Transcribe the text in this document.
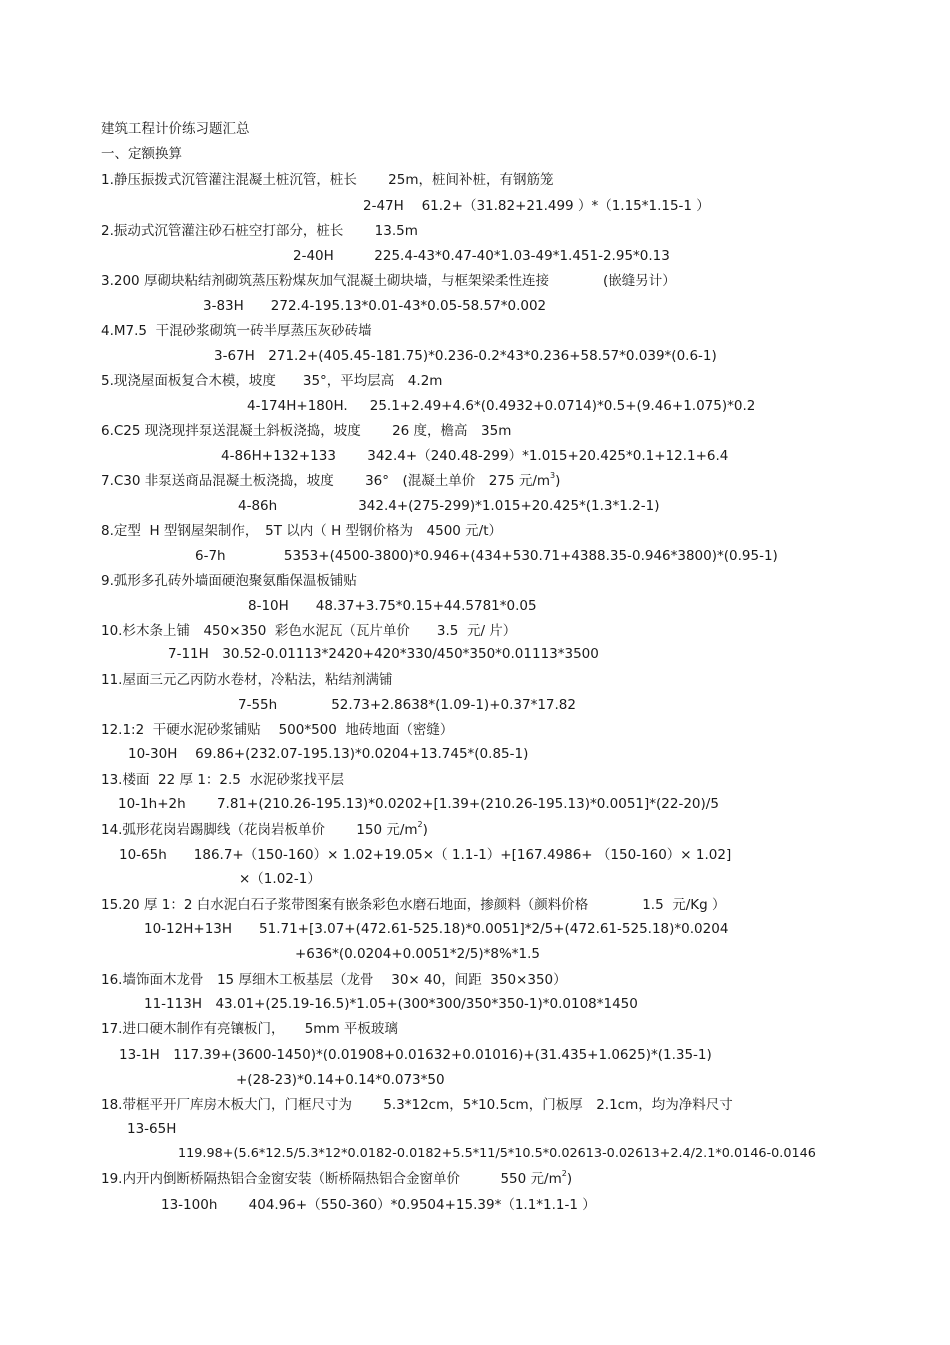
建筑工程计价练习题汇总
一、定额换算
1.静压振拨式沉管灌注混凝土桩沉管，桩长　　 25m，桩间补桩，有钢筋笼
2-47H　 61.2+（31.82+21.499 ）*（1.15*1.15-1 ）
2.振动式沉管灌注砂石桩空打部分，桩长　　 13.5m
2-40H　　　225.4-43*0.47-40*1.03-49*1.451-2.95*0.13
3.200 厚砌块粘结剂砌筑蒸压粉煤灰加气混凝土砌块墙，与框架梁柔性连接　　　　(嵌缝另计）
3-83H　　272.4-195.13*0.01-43*0.05-58.57*0.002
4.M7.5  干混砂浆砌筑一砖半厚蒸压灰砂砖墙
3-67H　271.2+(405.45-181.75)*0.236-0.2*43*0.236+58.57*0.039*(0.6-1)
5.现浇屋面板复合木模，坡度　　35°，平均层高　4.2m
4-174H+180H.　  25.1+2.49+4.6*(0.4932+0.0714)*0.5+(9.46+1.075)*0.2
6.C25 现浇现拌泵送混凝土斜板浇捣，坡度　　 26 度，檐高　35m
4-86H+132+133　　 342.4+（240.48-299）*1.015+20.425*0.1+12.1+6.4
7.C30 非泵送商品混凝土板浇捣，坡度　　 36°　(混凝土单价　275 元$/m^3$)
4-86h　　　　　　342.4+(275-299)*1.015+20.425*(1.3*1.2-1)
8.定型  H 型钢屋架制作，　5T 以内（ H 型钢价格为　4500 元/t）
6-7h　　　　 5353+(4500-3800)*0.946+(434+530.71+4388.35-0.946*3800)*(0.95-1)
9.弧形多孔砖外墙面硬泡聚氨酯保温板铺贴
8-10H　　48.37+3.75*0.15+44.5781*0.05
10.杉木条上铺　450×350  彩色水泥瓦（瓦片单价　　3.5  元/ 片）
7-11H　30.52-0.01113*2420+420*330/450*350*0.01113*3500
11.屋面三元乙丙防水卷材，冷粘法，粘结剂满铺
7-55h　　　　52.73+2.8638*(1.09-1)+0.37*17.82
12.1:2  干硬水泥砂浆铺贴　 500*500  地砖地面（密缝）
10-30H　 69.86+(232.07-195.13)*0.0204+13.745*(0.85-1)
13.楼面  22 厚 1：2.5  水泥砂浆找平层
10-1h+2h　　 7.81+(210.26-195.13)*0.0202+[1.39+(210.26-195.13)*0.0051]*(22-20)/5
14.弧形花岗岩踢脚线（花岗岩板单价　　 150 元$/m^2$)
10-65h　　186.7+（150-160）× 1.02+19.05×（ 1.1-1）+[167.4986+ （150-160）× 1.02]
×（1.02-1）
15.20 厚 1：2 白水泥白石子浆带图案有嵌条彩色水磨石地面，掺颜料（颜料价格　　　　1.5  元/Kg ）
10-12H+13H　　51.71+[3.07+(472.61-525.18)*0.0051]*2/5+(472.61-525.18)*0.0204
+636*(0.0204+0.0051*2/5)*8%*1.5
16.墙饰面木龙骨　15 厚细木工板基层（龙骨　 30× 40，间距  350×350）
11-113H　43.01+(25.19-16.5)*1.05+(300*300/350*350-1)*0.0108*1450
17.进口硬木制作有亮镶板门，　　5mm 平板玻璃
13-1H　117.39+(3600-1450)*(0.01908+0.01632+0.01016)+(31.435+1.0625)*(1.35-1)
+(28-23)*0.14+0.14*0.073*50
18.带框平开厂库房木板大门，门框尺寸为　　 5.3*12cm，5*10.5cm，门板厚　2.1cm，均为净料尺寸
13-65H
119.98+(5.6*12.5/5.3*12*0.0182-0.0182+5.5*11/5*10.5*0.02613-0.02613+2.4/2.1*0.0146-0.0146
19.内开内倒断桥隔热铝合金窗安装（断桥隔热铝合金窗单价　　　550 元$/m^2$)
13-100h　　 404.96+（550-360）*0.9504+15.39*（1.1*1.1-1 ）
